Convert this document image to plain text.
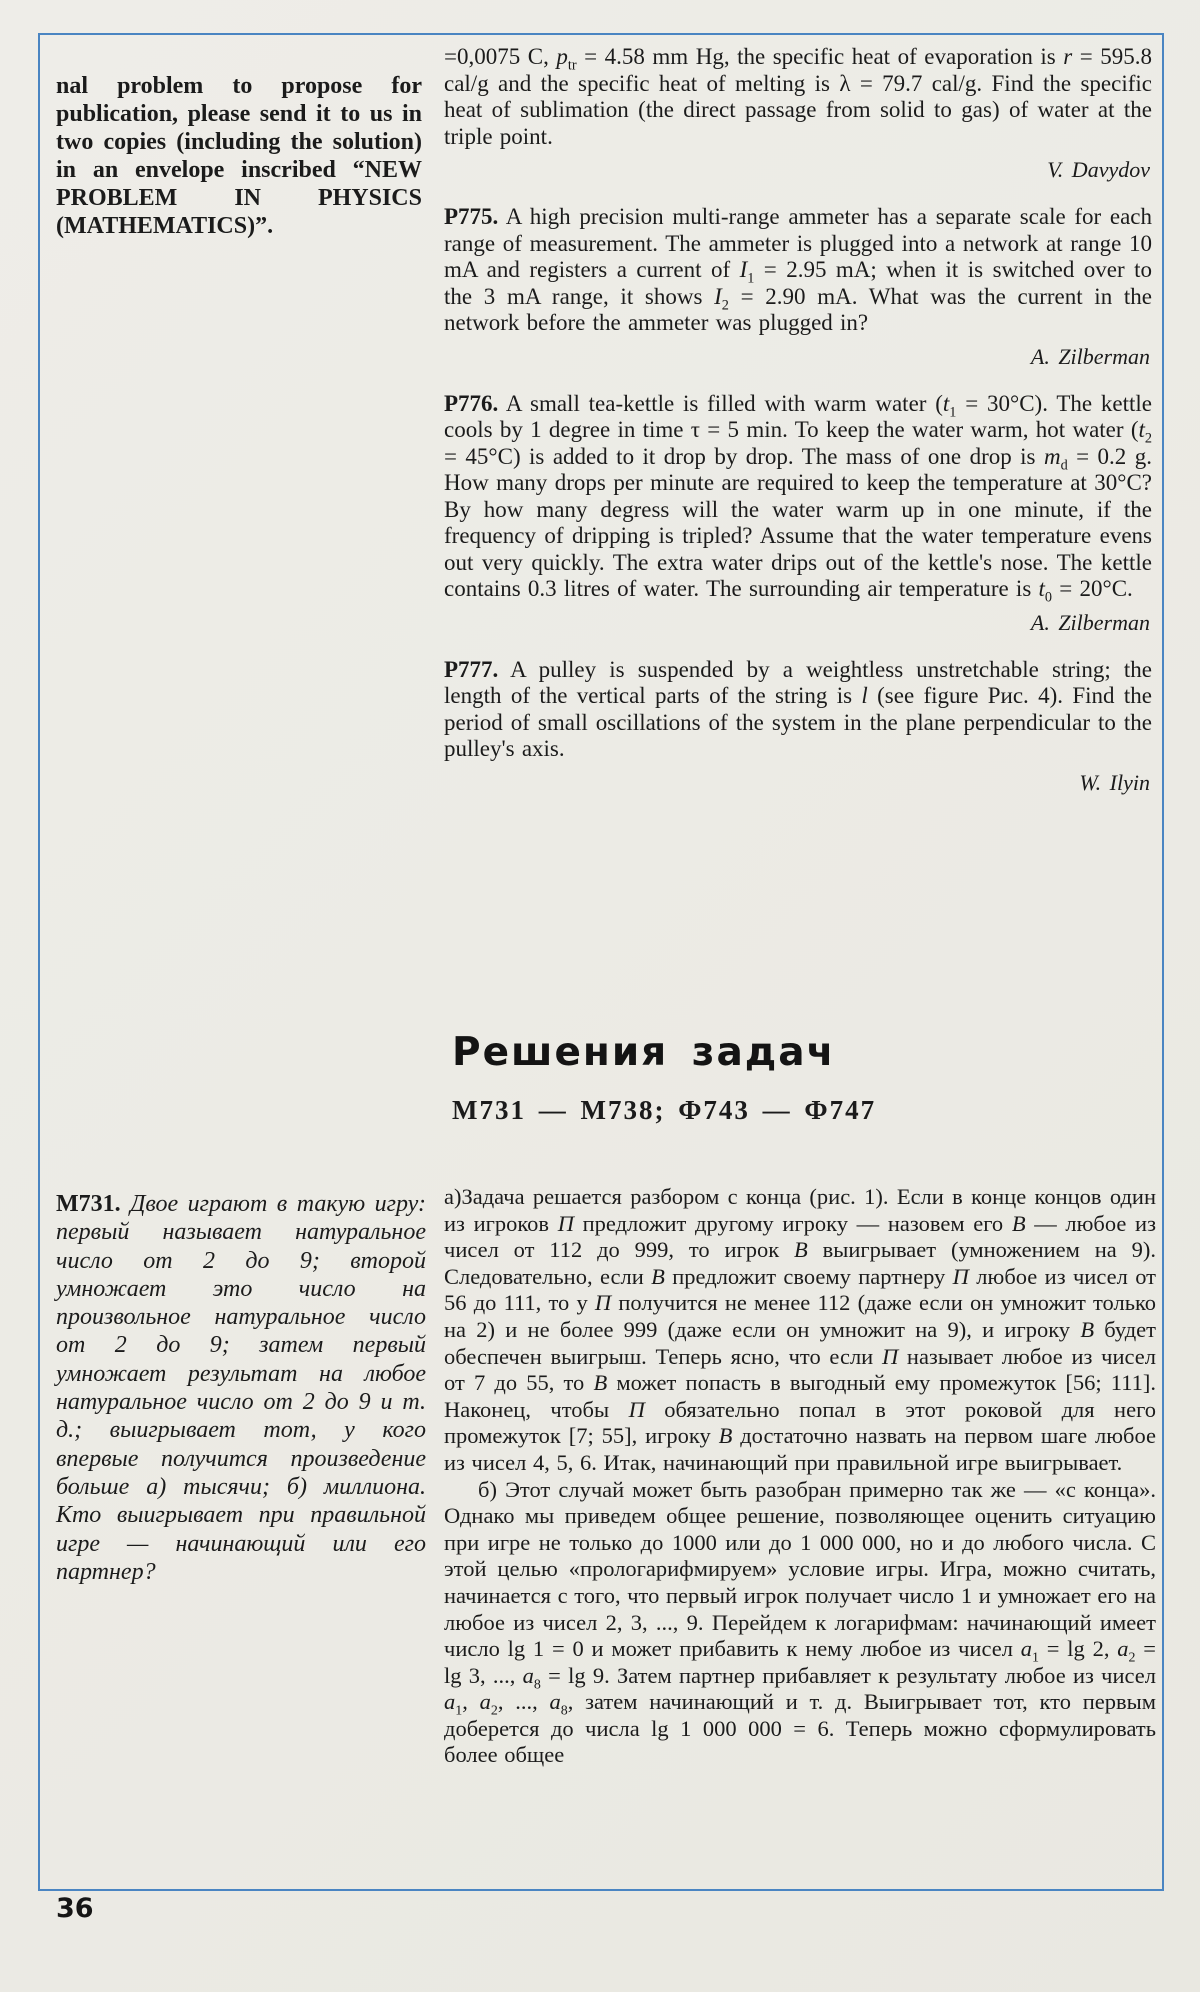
nal problem to propose for publication, please send it to us in two copies (including the solution) in an envelope inscribed “NEW PROBLEM IN PHYSICS (MATHEMATICS)”.

=0,0075 C, $p_{tr} = 4.58$ mm Hg, the specific heat of evaporation is r = 595.8 cal/g and the specific heat of melting is λ = 79.7 cal/g. Find the specific heat of sublimation (the direct passage from solid to gas) of water at the triple point.

V. Davydov

P775. A high precision multi-range ammeter has a separate scale for each range of measurement. The ammeter is plugged into a network at range 10 mA and registers a current of $I_1 = 2.95$ mA; when it is switched over to the 3 mA range, it shows $I_2 = 2.90$ mA. What was the current in the network before the ammeter was plugged in?

A. Zilberman

P776. A small tea-kettle is filled with warm water $(t_1 = 30^\circ C)$. The kettle cools by 1 degree in time τ = 5 min. To keep the water warm, hot water $(t_2 = 45^\circ C)$ is added to it drop by drop. The mass of one drop is $m_d = 0.2$ g. How many drops per minute are required to keep the temperature at 30°C? By how many degress will the water warm up in one minute, if the frequency of dripping is tripled? Assume that the water temperature evens out very quickly. The extra water drips out of the kettle's nose. The kettle contains 0.3 litres of water. The surrounding air temperature is $t_0 = 20^\circ C$.

A. Zilberman

P777. A pulley is suspended by a weightless unstretchable string; the length of the vertical parts of the string is l (see figure Рис. 4). Find the period of small oscillations of the system in the plane perpendicular to the pulley's axis.

W. Ilyin

Решения задач
М731 — М738; Ф743 — Ф747
М731. Двое играют в такую игру: первый называет натуральное число от 2 до 9; второй умножает это число на произвольное натуральное число от 2 до 9; затем первый умножает результат на любое натуральное число от 2 до 9 и т. д.; выигрывает тот, у кого впервые получится произведение больше а) тысячи; б) миллиона. Кто выигрывает при правильной игре — начинающий или его партнер?

а)Задача решается разбором с конца (рис. 1). Если в конце концов один из игроков П предложит другому игроку — назовем его В — любое из чисел от 112 до 999, то игрок В выигрывает (умножением на 9). Следовательно, если В предложит своему партнеру П любое из чисел от 56 до 111, то у П получится не менее 112 (даже если он умножит только на 2) и не более 999 (даже если он умножит на 9), и игроку В будет обеспечен выигрыш. Теперь ясно, что если П называет любое из чисел от 7 до 55, то В может попасть в выгодный ему промежуток [56; 111]. Наконец, чтобы П обязательно попал в этот роковой для него промежуток [7; 55], игроку В достаточно назвать на первом шаге любое из чисел 4, 5, 6. Итак, начинающий при правильной игре выигрывает.

б) Этот случай может быть разобран примерно так же — «с конца». Однако мы приведем общее решение, позволяющее оценить ситуацию при игре не только до 1000 или до 1 000 000, но и до любого числа. С этой целью «прологарифмируем» условие игры. Игра, можно считать, начинается с того, что первый игрок получает число 1 и умножает его на любое из чисел 2, 3, ..., 9. Перейдем к логарифмам: начинающий имеет число lg 1 = 0 и может прибавить к нему любое из чисел $a_1 = \lg 2$, $a_2 = \lg 3$, ..., $a_8 = \lg 9$. Затем партнер прибавляет к результату любое из чисел $a_1$, $a_2$, ..., $a_8$, затем начинающий и т. д. Выигрывает тот, кто первым доберется до числа lg 1 000 000 = 6. Теперь можно сформулировать более общее

36
